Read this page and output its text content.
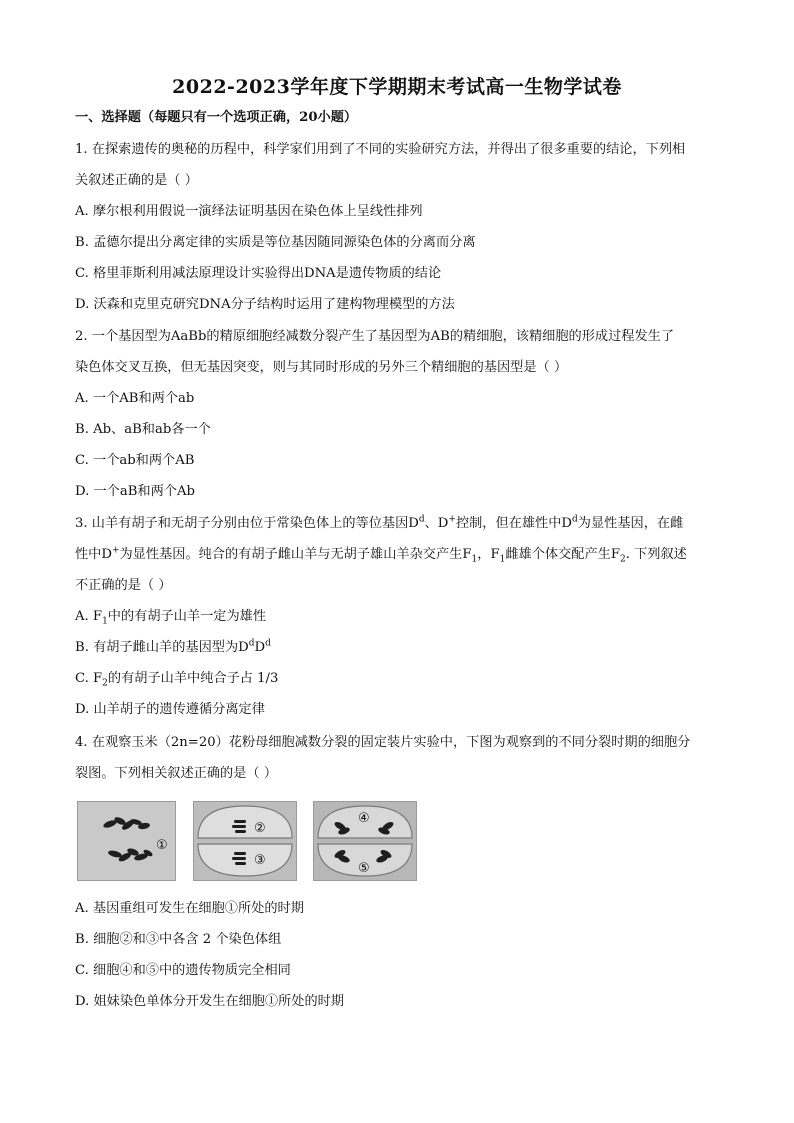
2022-2023学年度下学期期末考试高一生物学试卷
一、选择题（每题只有一个选项正确，20小题）
1. 在探索遗传的奥秘的历程中，科学家们用到了不同的实验研究方法，并得出了很多重要的结论，下列相
关叙述正确的是（ ）
A. 摩尔根利用假说一演绎法证明基因在染色体上呈线性排列
B. 孟德尔提出分离定律的实质是等位基因随同源染色体的分离而分离
C. 格里菲斯利用减法原理设计实验得出DNA是遗传物质的结论
D. 沃森和克里克研究DNA分子结构时运用了建构物理模型的方法
2. 一个基因型为AaBb的精原细胞经减数分裂产生了基因型为AB的精细胞，该精细胞的形成过程发生了
染色体交叉互换，但无基因突变，则与其同时形成的另外三个精细胞的基因型是（ ）
A. 一个AB和两个ab
B. Ab、aB和ab各一个
C. 一个ab和两个AB
D. 一个aB和两个Ab
3. 山羊有胡子和无胡子分别由位于常染色体上的等位基因$D^d$、D+控制，但在雄性中$D^d$为显性基因，在雌
性中D+为显性基因。纯合的有胡子雌山羊与无胡子雄山羊杂交产生$F_1$，$F_1$雌雄个体交配产生$F_2$. 下列叙述
不正确的是（ ）
A. $F_1$中的有胡子山羊一定为雄性
B. 有胡子雌山羊的基因型为$D^dD^d$
C. $F_2$的有胡子山羊中纯合子占 1/3
D. 山羊胡子的遗传遵循分离定律
4. 在观察玉米（2n=20）花粉母细胞减数分裂的固定装片实验中，下图为观察到的不同分裂时期的细胞分
裂图。下列相关叙述正确的是（ ）
①
②
③
④
⑤
A. 基因重组可发生在细胞①所处的时期
B. 细胞②和③中各含 2 个染色体组
C. 细胞④和⑤中的遗传物质完全相同
D. 姐妹染色单体分开发生在细胞①所处的时期
